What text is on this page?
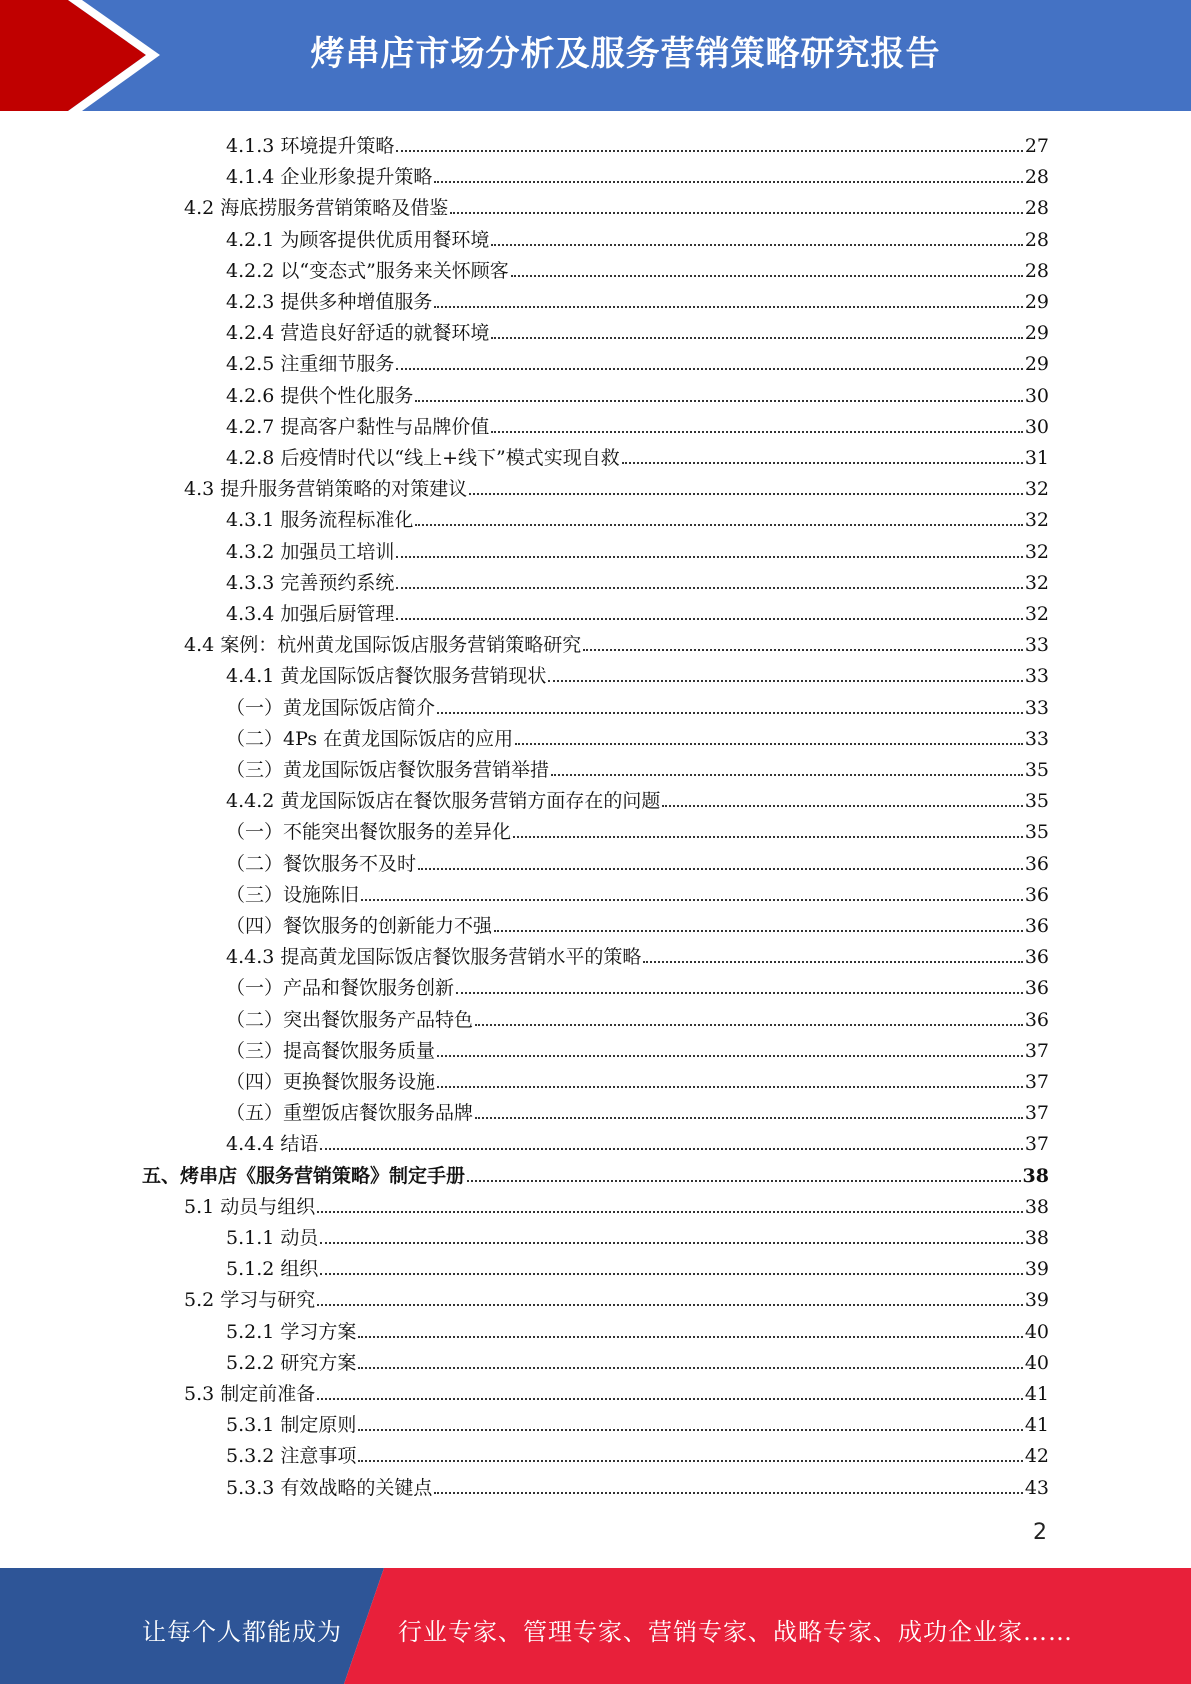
烤串店市场分析及服务营销策略研究报告
4.1.3 环境提升策略	27
4.1.4 企业形象提升策略	28
4.2 海底捞服务营销策略及借鉴	28
4.2.1 为顾客提供优质用餐环境	28
4.2.2 以“变态式”服务来关怀顾客	28
4.2.3 提供多种增值服务	29
4.2.4 营造良好舒适的就餐环境	29
4.2.5 注重细节服务	29
4.2.6 提供个性化服务	30
4.2.7 提高客户黏性与品牌价值	30
4.2.8 后疫情时代以“线上+线下”模式实现自救	31
4.3 提升服务营销策略的对策建议	32
4.3.1 服务流程标准化	32
4.3.2 加强员工培训	32
4.3.3 完善预约系统	32
4.3.4 加强后厨管理	32
4.4 案例：杭州黄龙国际饭店服务营销策略研究	33
4.4.1 黄龙国际饭店餐饮服务营销现状	33
（一）黄龙国际饭店简介	33
（二）4Ps 在黄龙国际饭店的应用	33
（三）黄龙国际饭店餐饮服务营销举措	35
4.4.2 黄龙国际饭店在餐饮服务营销方面存在的问题	35
（一）不能突出餐饮服务的差异化	35
（二）餐饮服务不及时	36
（三）设施陈旧	36
（四）餐饮服务的创新能力不强	36
4.4.3 提高黄龙国际饭店餐饮服务营销水平的策略	36
（一）产品和餐饮服务创新	36
（二）突出餐饮服务产品特色	36
（三）提高餐饮服务质量	37
（四）更换餐饮服务设施	37
（五）重塑饭店餐饮服务品牌	37
4.4.4 结语	37
五、烤串店《服务营销策略》制定手册	38
5.1 动员与组织	38
5.1.1 动员	38
5.1.2 组织	39
5.2 学习与研究	39
5.2.1 学习方案	40
5.2.2 研究方案	40
5.3 制定前准备	41
5.3.1 制定原则	41
5.3.2 注意事项	42
5.3.3 有效战略的关键点	43
2
让每个人都能成为 行业专家、管理专家、营销专家、战略专家、成功企业家……
